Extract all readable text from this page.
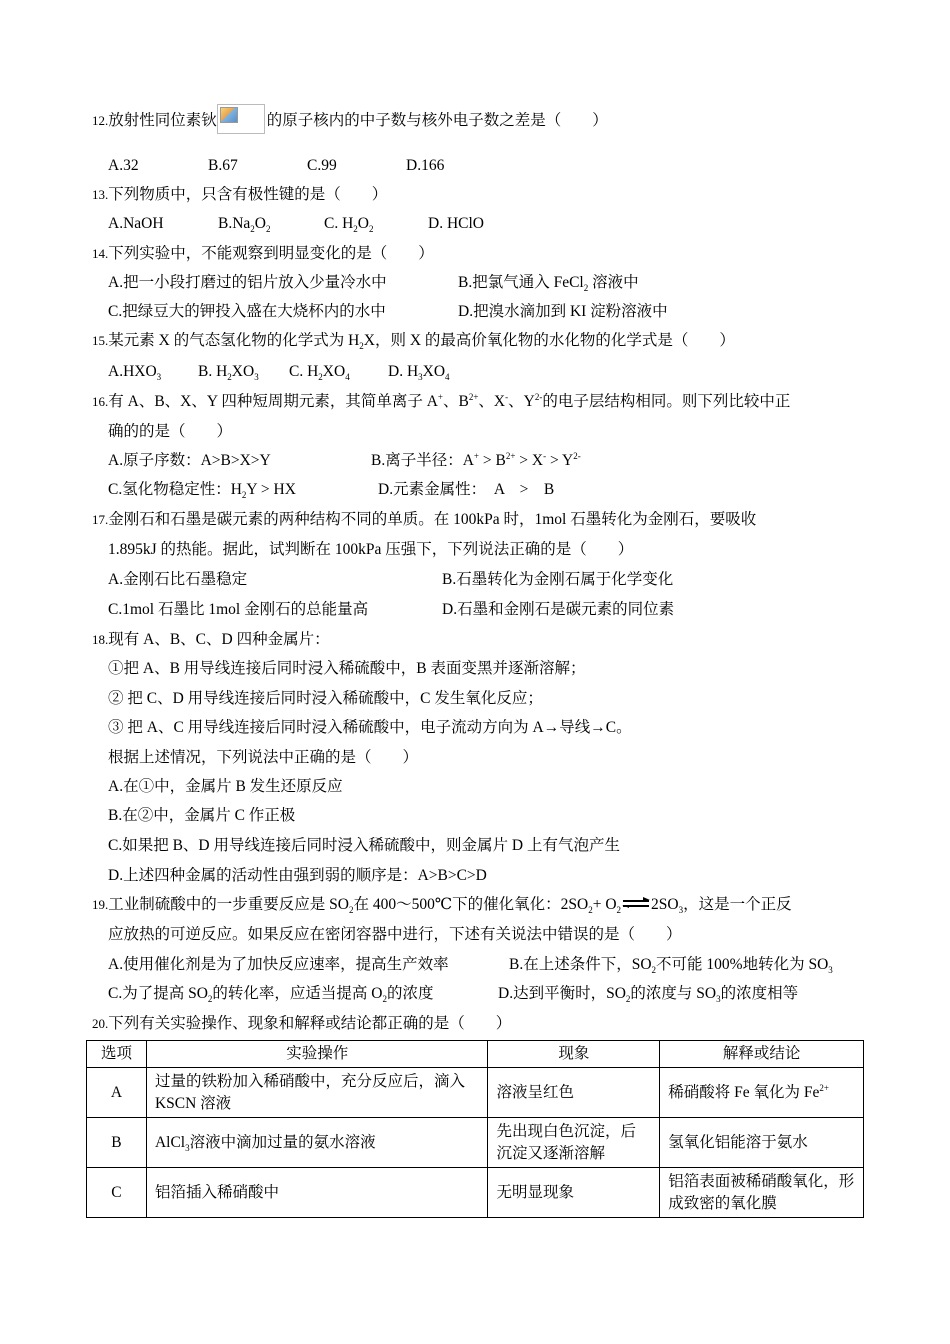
12.放射性同位素钬	的原子核内的中子数与核外电子数之差是（　　）
A.32	B.67	C.99	D.166
13.下列物质中，只含有极性键的是（　　）
A.NaOH	$B.Na_2O_2$	C. $H_2O_2$	D. HClO
14.下列实验中，不能观察到明显变化的是（　　）
A.把一小段打磨过的铝片放入少量冷水中	B.把氯气通入 FeCl$_2$ 溶液中
C.把绿豆大的钾投入盛在大烧杯内的水中	D.把溴水滴加到 KI 淀粉溶液中
15.某元素 X 的气态氢化物的化学式为 $H_2X$，则 X 的最高价氧化物的水化物的化学式是（　　）
$A.HXO_3$ B. $H_2XO_3$ C. $H_2XO_4$ D. $H_3XO_4$
16.有 A、B、X、Y 四种短周期元素，其简单离子 A+、$B^{2+}$、X-、$Y^{2-}$的电子层结构相同。则下列比较中正
确的的是（　　）
A.原子序数：A>B>X>Y	B.离子半径：$A^+ > B^{2+} > X^- > Y^{2-}$
C.氢化物稳定性：$H_2Y$ > HX	D.元素金属性：　A　>　B
17.金刚石和石墨是碳元素的两种结构不同的单质。在 100kPa 时，1mol 石墨转化为金刚石，要吸收
1.895kJ 的热能。据此，试判断在 100kPa 压强下，下列说法正确的是（　　）
A.金刚石比石墨稳定	B.石墨转化为金刚石属于化学变化
C.1mol 石墨比 1mol 金刚石的总能量高	D.石墨和金刚石是碳元素的同位素
18.现有 A、B、C、D 四种金属片：
①把 A、B 用导线连接后同时浸入稀硫酸中，B 表面变黑并逐渐溶解；
② 把 C、D 用导线连接后同时浸入稀硫酸中，C 发生氧化反应；
③ 把 A、C 用导线连接后同时浸入稀硫酸中，电子流动方向为 A→导线→C。
根据上述情况，下列说法中正确的是（　　）
A.在①中，金属片 B 发生还原反应
B.在②中，金属片 C 作正极
C.如果把 B、D 用导线连接后同时浸入稀硫酸中，则金属片 D 上有气泡产生
D.上述四种金属的活动性由强到弱的顺序是：A>B>C>D
19.工业制硫酸中的一步重要反应是 $SO_2$在 400～500℃下的催化氧化：$2SO_2+ O_2$ $2SO_3$，这是一个正反
应放热的可逆反应。如果反应在密闭容器中进行，下述有关说法中错误的是（　　）
A.使用催化剂是为了加快反应速率，提高生产效率	B.在上述条件下，$SO_2$不可能 100%地转化为 $SO_3$
C.为了提高 $SO_2$的转化率，应适当提高 $O_2$的浓度	D.达到平衡时，$SO_2$的浓度与 $SO_3$的浓度相等
20.下列有关实验操作、现象和解释或结论都正确的是（　　）
选项	实验操作	现象	解释或结论
A	过量的铁粉加入稀硝酸中，充分反应后，滴入 KSCN 溶液	溶液呈红色	稀硝酸将 Fe 氧化为 $Fe^{2+}$
B	AlCl$_3$溶液中滴加过量的氨水溶液	先出现白色沉淀，后沉淀又逐渐溶解	氢氧化铝能溶于氨水
C	铝箔插入稀硝酸中	无明显现象	铝箔表面被稀硝酸氧化，形成致密的氧化膜
